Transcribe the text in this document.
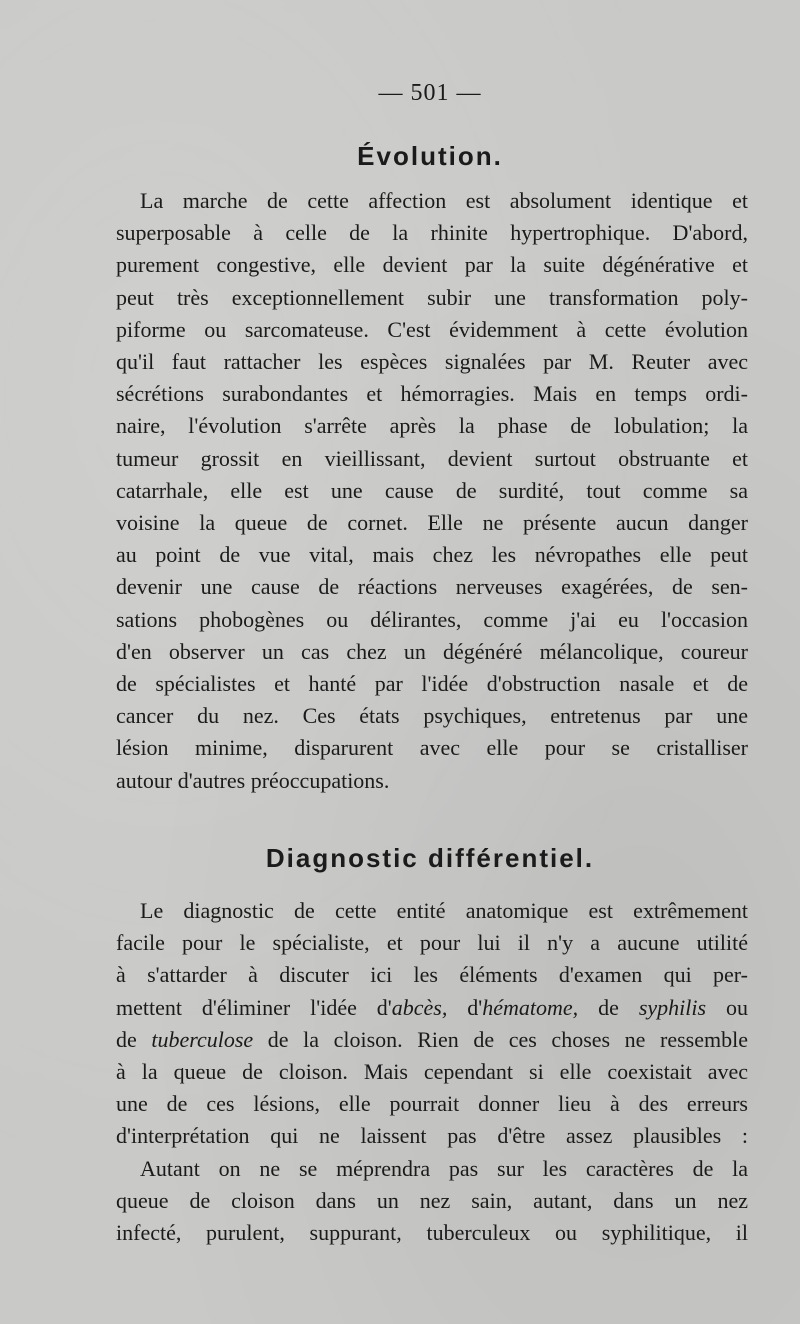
— 501 —
Évolution.
La marche de cette affection est absolument identique et
superposable à celle de la rhinite hypertrophique. D'abord,
purement congestive, elle devient par la suite dégénérative et
peut très exceptionnellement subir une transformation poly-
piforme ou sarcomateuse. C'est évidemment à cette évolution
qu'il faut rattacher les espèces signalées par M. Reuter avec
sécrétions surabondantes et hémorragies. Mais en temps ordi-
naire, l'évolution s'arrête après la phase de lobulation; la
tumeur grossit en vieillissant, devient surtout obstruante et
catarrhale, elle est une cause de surdité, tout comme sa
voisine la queue de cornet. Elle ne présente aucun danger
au point de vue vital, mais chez les névropathes elle peut
devenir une cause de réactions nerveuses exagérées, de sen-
sations phobogènes ou délirantes, comme j'ai eu l'occasion
d'en observer un cas chez un dégénéré mélancolique, coureur
de spécialistes et hanté par l'idée d'obstruction nasale et de
cancer du nez. Ces états psychiques, entretenus par une
lésion minime, disparurent avec elle pour se cristalliser
autour d'autres préoccupations.
Diagnostic différentiel.
Le diagnostic de cette entité anatomique est extrêmement
facile pour le spécialiste, et pour lui il n'y a aucune utilité
à s'attarder à discuter ici les éléments d'examen qui per-
mettent d'éliminer l'idée d'abcès, d'hématome, de syphilis ou
de tuberculose de la cloison. Rien de ces choses ne ressemble
à la queue de cloison. Mais cependant si elle coexistait avec
une de ces lésions, elle pourrait donner lieu à des erreurs
d'interprétation qui ne laissent pas d'être assez plausibles :
Autant on ne se méprendra pas sur les caractères de la
queue de cloison dans un nez sain, autant, dans un nez
infecté, purulent, suppurant, tuberculeux ou syphilitique, il
